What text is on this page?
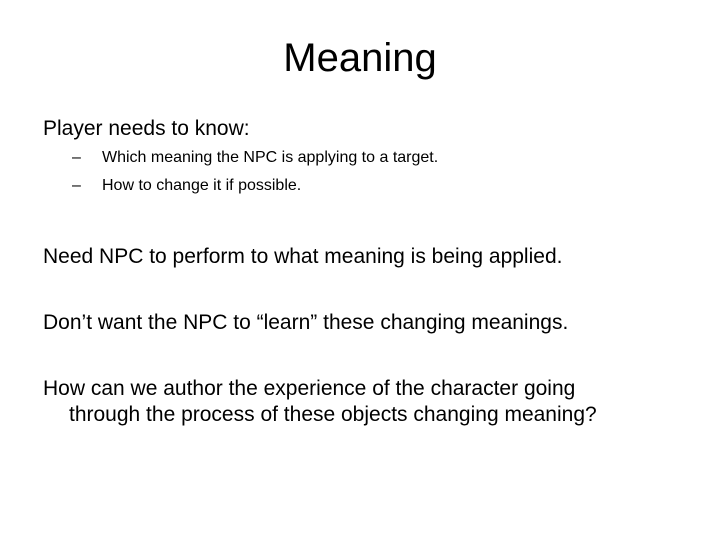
Meaning
Player needs to know:
– Which meaning the NPC is applying to a target.
– How to change it if possible.
Need NPC to perform to what meaning is being applied.
Don’t want the NPC to “learn” these changing meanings.
How can we author the experience of the character going
through the process of these objects changing meaning?
